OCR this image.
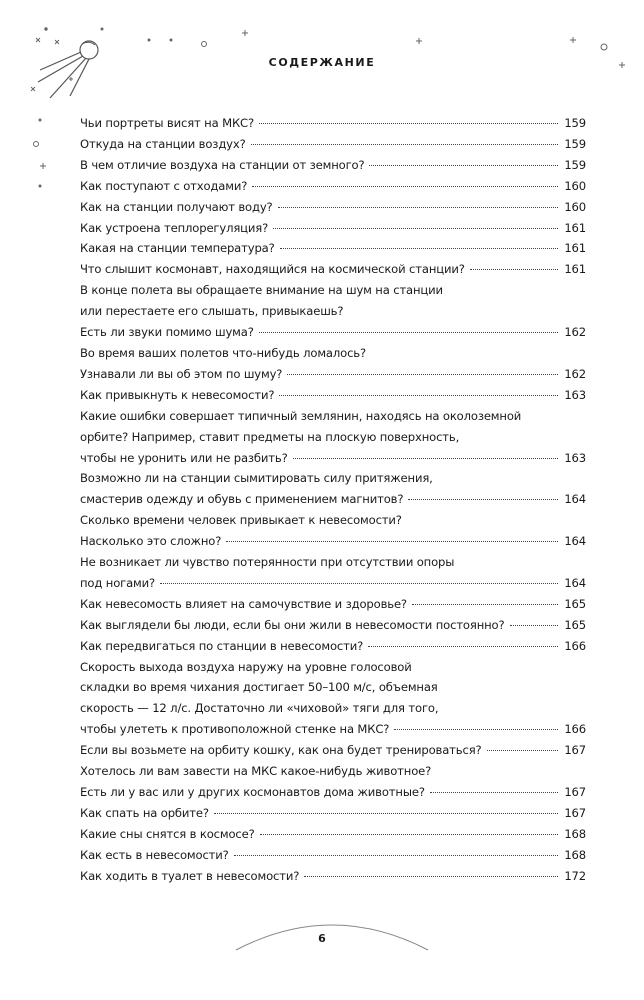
СОДЕРЖАНИЕ
Чьи портреты висят на МКС?	159
Откуда на станции воздух?	159
В чем отличие воздуха на станции от земного?	159
Как поступают с отходами?	160
Как на станции получают воду?	160
Как устроена теплорегуляция?	161
Какая на станции температура?	161
Что слышит космонавт, находящийся на космической станции?	161
В конце полета вы обращаете внимание на шум на станции
или перестаете его слышать, привыкаешь?
Есть ли звуки помимо шума?	162
Во время ваших полетов что-нибудь ломалось?
Узнавали ли вы об этом по шуму?	162
Как привыкнуть к невесомости?	163
Какие ошибки совершает типичный землянин, находясь на околоземной
орбите? Например, ставит предметы на плоскую поверхность,
чтобы не уронить или не разбить?	163
Возможно ли на станции сымитировать силу притяжения,
смастерив одежду и обувь с применением магнитов?	164
Сколько времени человек привыкает к невесомости?
Насколько это сложно?	164
Не возникает ли чувство потерянности при отсутствии опоры
под ногами?	164
Как невесомость влияет на самочувствие и здоровье?	165
Как выглядели бы люди, если бы они жили в невесомости постоянно?	165
Как передвигаться по станции в невесомости?	166
Скорость выхода воздуха наружу на уровне голосовой
складки во время чихания достигает 50–100 м/с, объемная
скорость — 12 л/с. Достаточно ли «чиховой» тяги для того,
чтобы улететь к противоположной стенке на МКС?	166
Если вы возьмете на орбиту кошку, как она будет тренироваться?	167
Хотелось ли вам завести на МКС какое-нибудь животное?
Есть ли у вас или у других космонавтов дома животные?	167
Как спать на орбите?	167
Какие сны снятся в космосе?	168
Как есть в невесомости?	168
Как ходить в туалет в невесомости?	172
6
